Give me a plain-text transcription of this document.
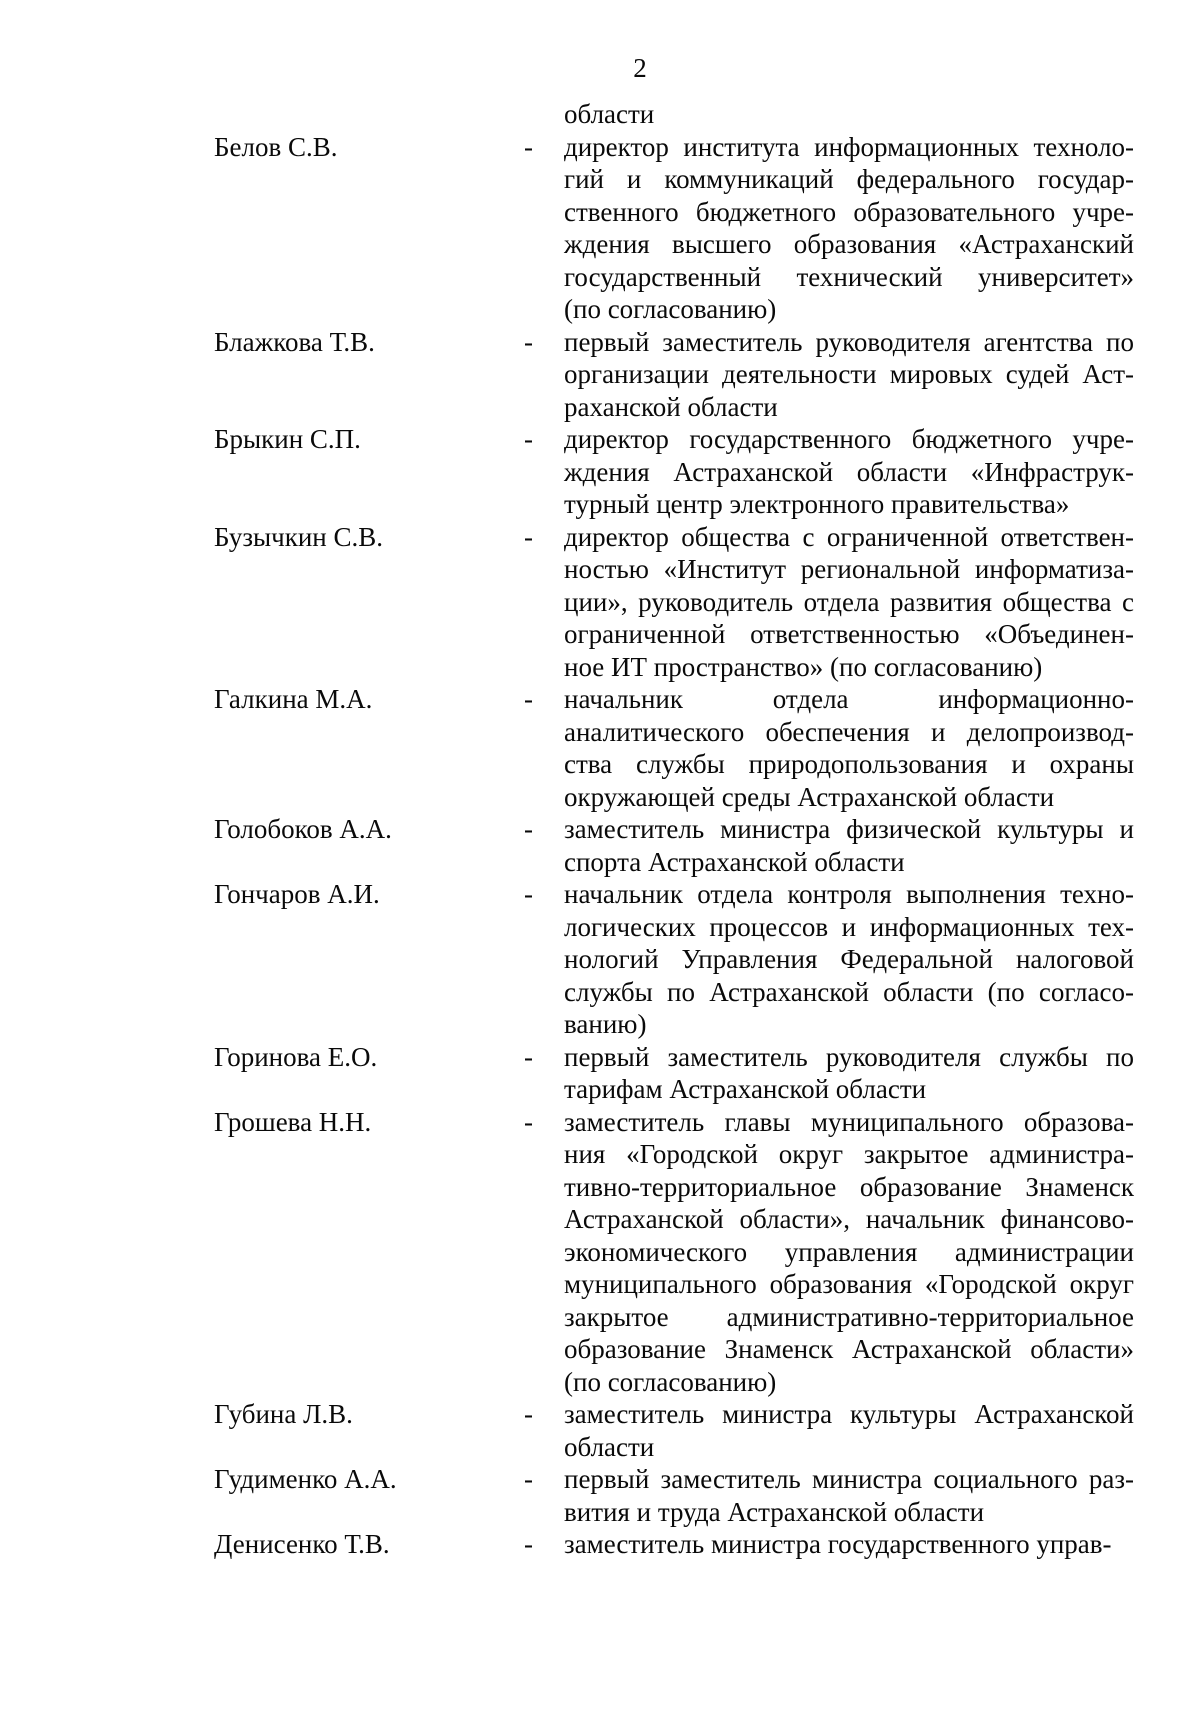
2
области
Белов С.В.	-	директор института информационных техноло-
гий и коммуникаций федерального государ-
ственного бюджетного образовательного учре-
ждения высшего образования «Астраханский
государственный технический университет»
(по согласованию)
Блажкова Т.В.	-	первый заместитель руководителя агентства по
организации деятельности мировых судей Аст-
раханской области
Брыкин С.П.	-	директор государственного бюджетного учре-
ждения Астраханской области «Инфраструк-
турный центр электронного правительства»
Бузычкин С.В.	-	директор общества с ограниченной ответствен-
ностью «Институт региональной информатиза-
ции», руководитель отдела развития общества с
ограниченной ответственностью «Объединен-
ное ИТ пространство» (по согласованию)
Галкина М.А.	-	начальник отдела информационно-
аналитического обеспечения и делопроизвод-
ства службы природопользования и охраны
окружающей среды Астраханской области
Голобоков А.А.	-	заместитель министра физической культуры и
спорта Астраханской области
Гончаров А.И.	-	начальник отдела контроля выполнения техно-
логических процессов и информационных тех-
нологий Управления Федеральной налоговой
службы по Астраханской области (по согласо-
ванию)
Горинова Е.О.	-	первый заместитель руководителя службы по
тарифам Астраханской области
Грошева Н.Н.	-	заместитель главы муниципального образова-
ния «Городской округ закрытое администра-
тивно-территориальное образование Знаменск
Астраханской области», начальник финансово-
экономического управления администрации
муниципального образования «Городской округ
закрытое административно-территориальное
образование Знаменск Астраханской области»
(по согласованию)
Губина Л.В.	-	заместитель министра культуры Астраханской
области
Гудименко А.А.	-	первый заместитель министра социального раз-
вития и труда Астраханской области
Денисенко Т.В.	-	заместитель министра государственного управ-
